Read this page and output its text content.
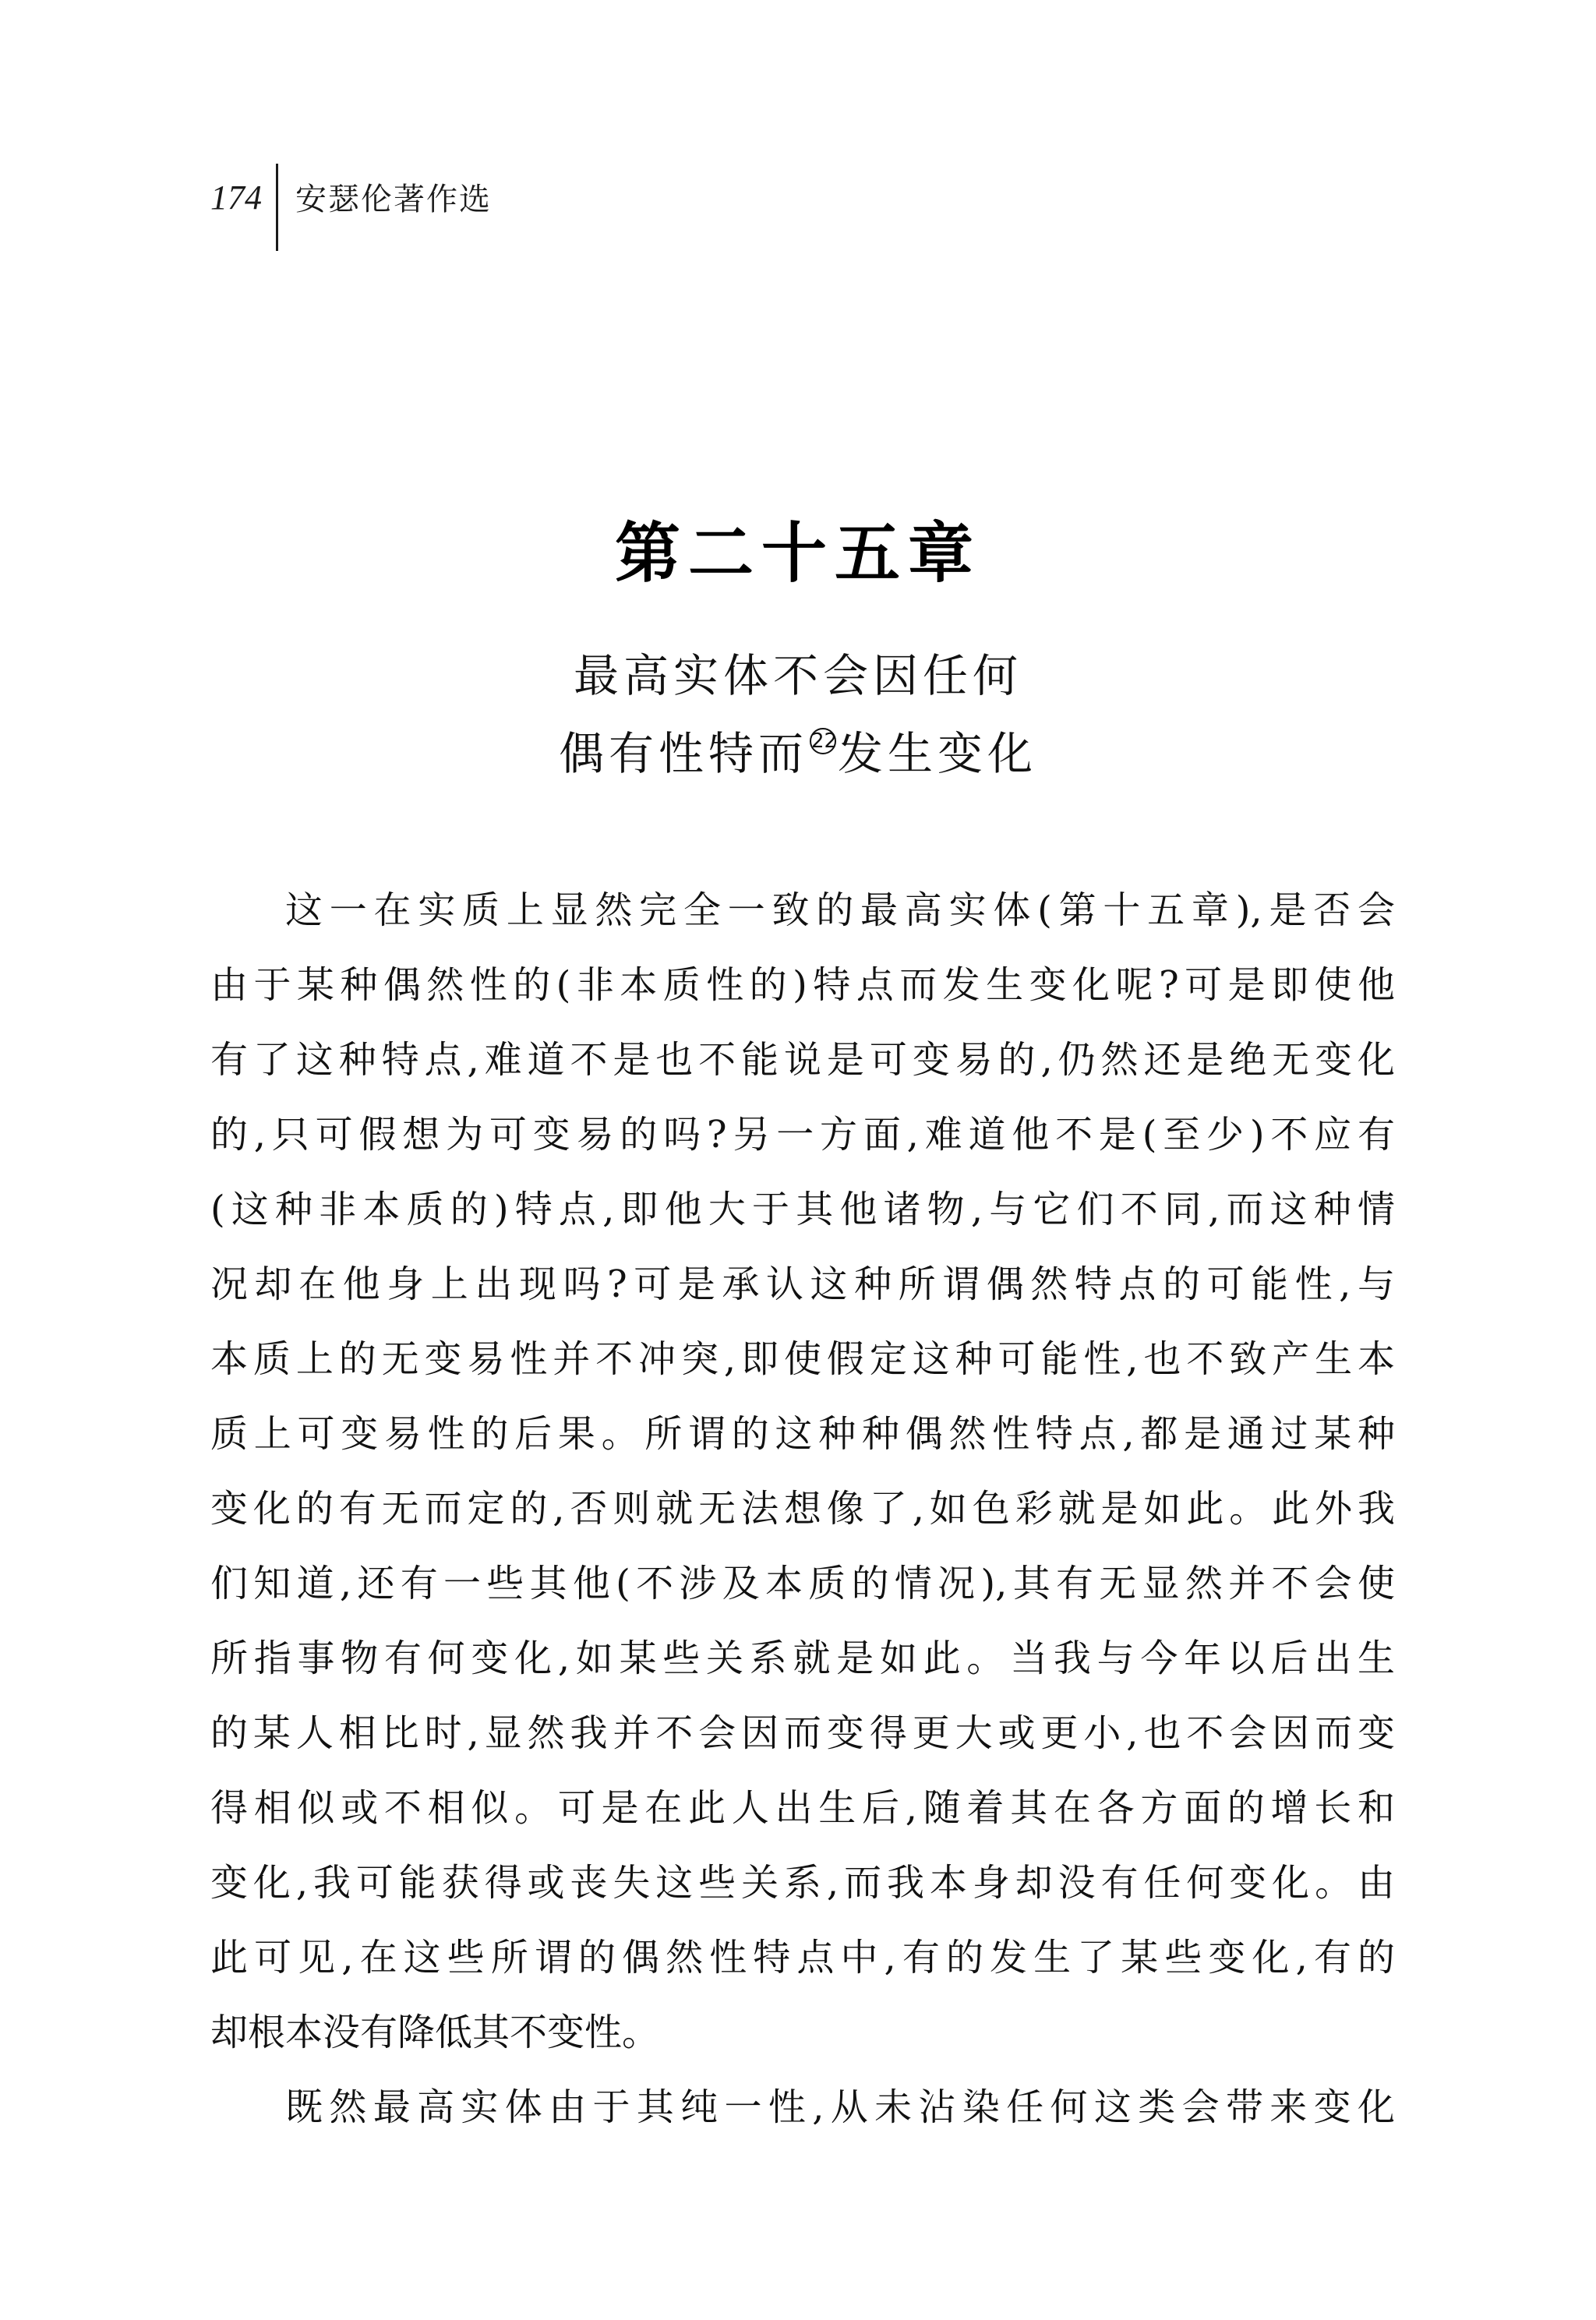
174	安瑟伦著作选
第二十五章
最高实体不会因任何
偶有性特而 22发生变化
这一在实质上显然完全一致的最高实体(第十五章),是否会
由于某种偶然性的(非本质性的)特点而发生变化呢?可是即使他
有了这种特点,难道不是也不能说是可变易的,仍然还是绝无变化
的,只可假想为可变易的吗?另一方面,难道他不是(至少)不应有
(这种非本质的)特点,即他大于其他诸物,与它们不同,而这种情
况却在他身上出现吗?可是承认这种所谓偶然特点的可能性,与
本质上的无变易性并不冲突,即使假定这种可能性,也不致产生本
质上可变易性的后果。所谓的这种种偶然性特点,都是通过某种
变化的有无而定的,否则就无法想像了,如色彩就是如此。此外我
们知道,还有一些其他(不涉及本质的情况),其有无显然并不会使
所指事物有何变化,如某些关系就是如此。当我与今年以后出生
的某人相比时,显然我并不会因而变得更大或更小,也不会因而变
得相似或不相似。可是在此人出生后,随着其在各方面的增长和
变化,我可能获得或丧失这些关系,而我本身却没有任何变化。由
此可见,在这些所谓的偶然性特点中,有的发生了某些变化,有的
却根本没有降低其不变性。
既然最高实体由于其纯一性,从未沾染任何这类会带来变化
